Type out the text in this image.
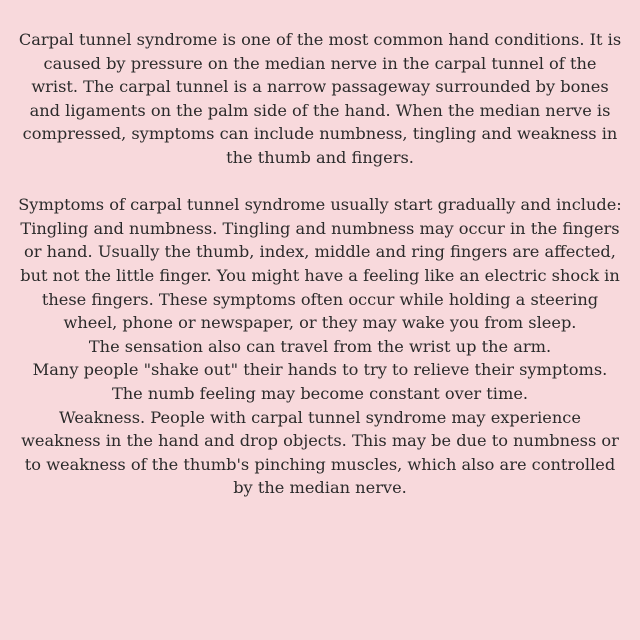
Carpal tunnel syndrome is one of the most common hand conditions. It is caused by pressure on the median nerve in the carpal tunnel of the wrist. The carpal tunnel is a narrow passageway surrounded by bones and ligaments on the palm side of the hand. When the median nerve is compressed, symptoms can include numbness, tingling and weakness in the thumb and fingers.

Symptoms of carpal tunnel syndrome usually start gradually and include:

Tingling and numbness. Tingling and numbness may occur in the fingers or hand. Usually the thumb, index, middle and ring fingers are affected, but not the little finger. You might have a feeling like an electric shock in these fingers. These symptoms often occur while holding a steering wheel, phone or newspaper, or they may wake you from sleep.

The sensation also can travel from the wrist up the arm.

Many people "shake out" their hands to try to relieve their symptoms.

The numb feeling may become constant over time.

Weakness. People with carpal tunnel syndrome may experience weakness in the hand and drop objects. This may be due to numbness or to weakness of the thumb's pinching muscles, which also are controlled by the median nerve.
